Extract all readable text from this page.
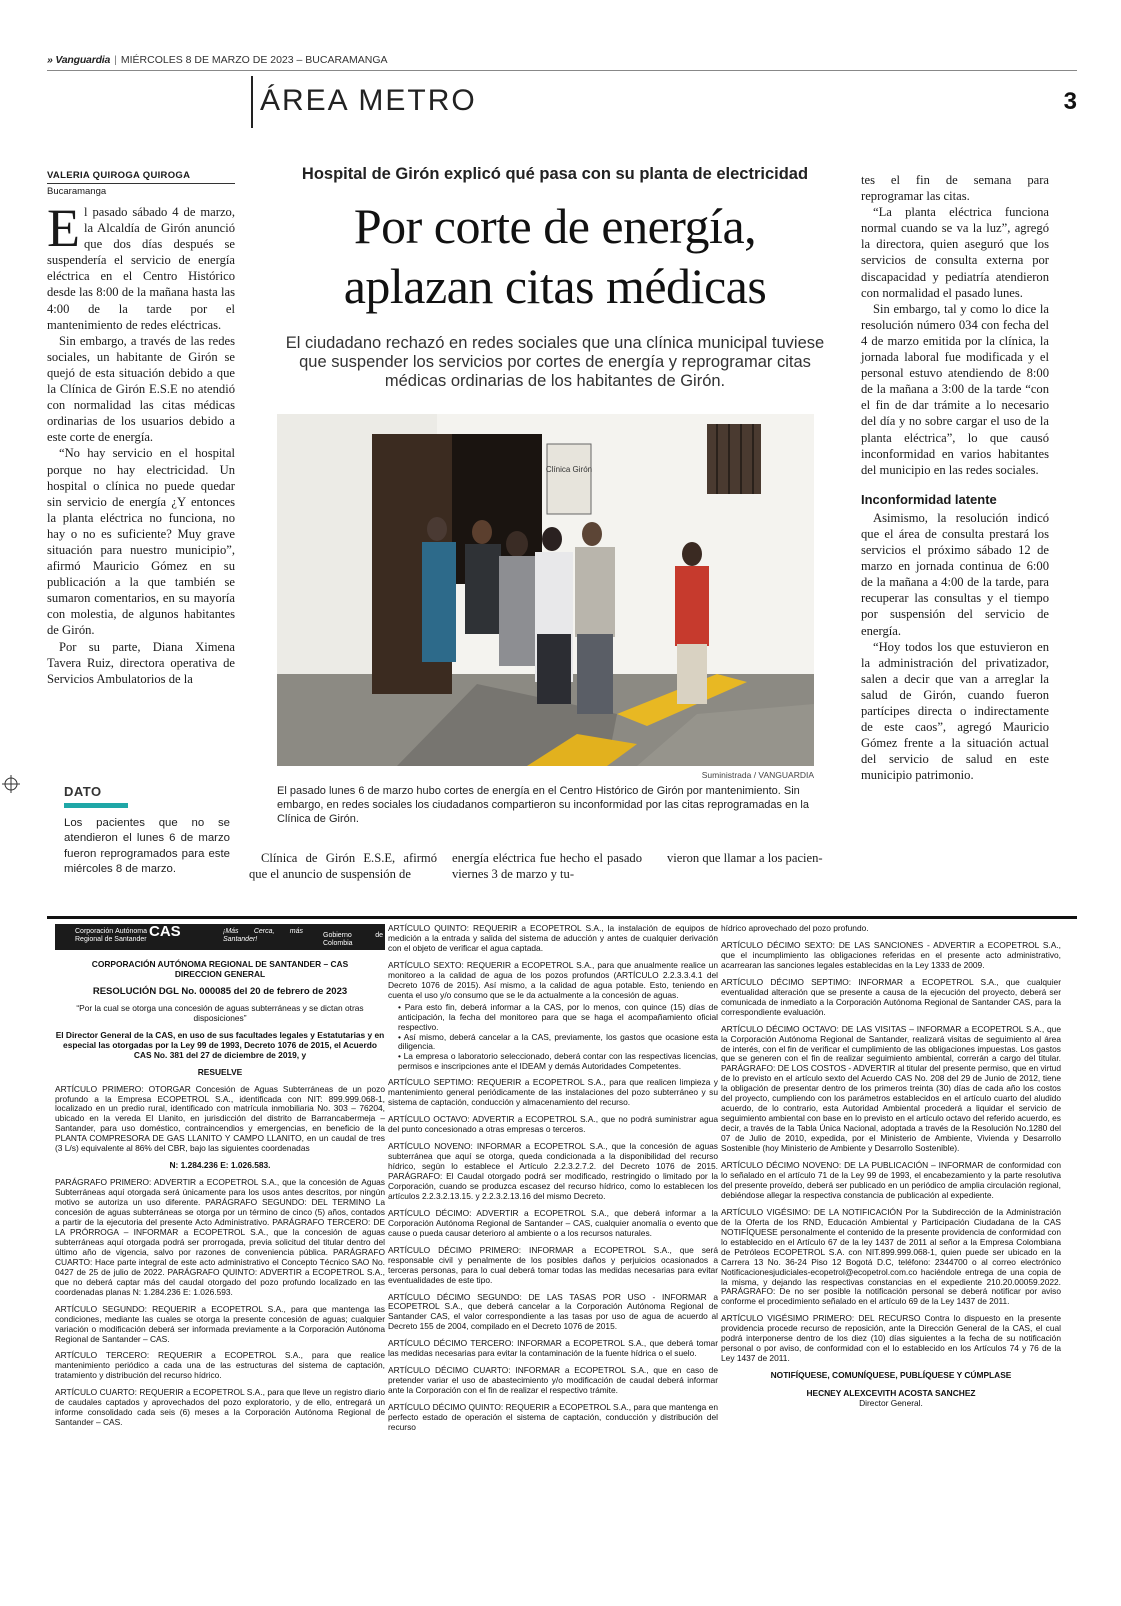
» Vanguardia | MIÉRCOLES 8 DE MARZO DE 2023 – BUCARAMANGA
ÁREA METRO	3
VALERIA QUIROGA QUIROGA
Bucaramanga

El pasado sábado 4 de marzo, la Alcaldía de Girón anunció que dos días después se suspendería el servicio de energía eléctrica en el Centro Histórico desde las 8:00 de la mañana hasta las 4:00 de la tarde por el mantenimiento de redes eléctricas.

Sin embargo, a través de las redes sociales, un habitante de Girón se quejó de esta situación debido a que la Clínica de Girón E.S.E no atendió con normalidad las citas médicas ordinarias de los usuarios debido a este corte de energía.

“No hay servicio en el hospital porque no hay electricidad. Un hospital o clínica no puede quedar sin servicio de energía ¿Y entonces la planta eléctrica no funciona, no hay o no es suficiente? Muy grave situación para nuestro municipio”, afirmó Mauricio Gómez en su publicación a la que también se sumaron comentarios, en su mayoría con molestia, de algunos habitantes de Girón.

Por su parte, Diana Ximena Tavera Ruiz, directora operativa de Servicios Ambulatorios de la

DATO
Los pacientes que no se atendieron el lunes 6 de marzo fueron reprogramados para este miércoles 8 de marzo.
Hospital de Girón explicó qué pasa con su planta de electricidad
Por corte de energía,
aplazan citas médicas
El ciudadano rechazó en redes sociales que una clínica municipal tuviese que suspender los servicios por cortes de energía y reprogramar citas médicas ordinarias de los habitantes de Girón.
Clínica Girón
Suministrada / VANGUARDIA
El pasado lunes 6 de marzo hubo cortes de energía en el Centro Histórico de Girón por mantenimiento. Sin embargo, en redes sociales los ciudadanos compartieron su inconformidad por las citas reprogramadas en la Clínica de Girón.

Clínica de Girón E.S.E, afirmó que el anuncio de suspensión de

energía eléctrica fue hecho el pasado viernes 3 de marzo y tu-

vieron que llamar a los pacien-

tes el fin de semana para reprogramar las citas.

“La planta eléctrica funciona normal cuando se va la luz”, agregó la directora, quien aseguró que los servicios de consulta externa por discapacidad y pediatría atendieron con normalidad el pasado lunes.

Sin embargo, tal y como lo dice la resolución número 034 con fecha del 4 de marzo emitida por la clínica, la jornada laboral fue modificada y el personal estuvo atendiendo de 8:00 de la mañana a 3:00 de la tarde “con el fin de dar trámite a lo necesario del día y no sobre cargar el uso de la planta eléctrica”, lo que causó inconformidad en varios habitantes del municipio en las redes sociales.

Inconformidad latente

Asimismo, la resolución indicó que el área de consulta prestará los servicios el próximo sábado 12 de marzo en jornada continua de 6:00 de la mañana a 4:00 de la tarde, para recuperar las consultas y el tiempo por suspensión del servicio de energía.

“Hoy todos los que estuvieron en la administración del privatizador, salen a decir que van a arreglar la salud de Girón, cuando fueron partícipes directa o indirectamente de este caos”, agregó Mauricio Gómez frente a la situación actual del servicio de salud en este municipio patrimonio.

Corporación Autónoma Regional de Santander CAS	¡Más Cerca, más Santander!
Gobierno de Colombia

CORPORACIÓN AUTÓNOMA REGIONAL DE SANTANDER – CAS

DIRECCION GENERAL

RESOLUCIÓN DGL No. 000085 del 20 de febrero de 2023

“Por la cual se otorga una concesión de aguas subterráneas y se dictan otras disposiciones”

El Director General de la CAS, en uso de sus facultades legales y Estatutarias y en especial las otorgadas por la Ley 99 de 1993, Decreto 1076 de 2015, el Acuerdo CAS No. 381 del 27 de diciembre de 2019, y

RESUELVE

ARTÍCULO PRIMERO: OTORGAR Concesión de Aguas Subterráneas de un pozo profundo a la Empresa ECOPETROL S.A., identificada con NIT: 899.999.068-1, localizado en un predio rural, identificado con matrícula inmobiliaria No. 303 – 76204, ubicado en la vereda El Llanito, en jurisdicción del distrito de Barrancabermeja – Santander, para uso doméstico, contraincendios y emergencias, en beneficio de la PLANTA COMPRESORA DE GAS LLANITO Y CAMPO LLANITO, en un caudal de tres (3 L/s) equivalente al 86% del CBR, bajo las siguientes coordenadas

N: 1.284.236 E: 1.026.583.

PARÁGRAFO PRIMERO: ADVERTIR a ECOPETROL S.A., que la concesión de Aguas Subterráneas aquí otorgada será únicamente para los usos antes descritos, por ningún motivo se autoriza un uso diferente. PARÁGRAFO SEGUNDO: DEL TERMINO La concesión de aguas subterráneas se otorga por un término de cinco (5) años, contados a partir de la ejecutoria del presente Acto Administrativo. PARÁGRAFO TERCERO: DE LA PRÓRROGA – INFORMAR a ECOPETROL S.A., que la concesión de aguas subterráneas aquí otorgada podrá ser prorrogada, previa solicitud del titular dentro del último año de vigencia, salvo por razones de conveniencia pública. PARÁGRAFO CUARTO: Hace parte integral de este acto administrativo el Concepto Técnico SAO No. 0427 de 25 de julio de 2022. PARÁGRAFO QUINTO: ADVERTIR a ECOPETROL S.A., que no deberá captar más del caudal otorgado del pozo profundo localizado en las coordenadas planas N: 1.284.236 E: 1.026.593.

ARTÍCULO SEGUNDO: REQUERIR a ECOPETROL S.A., para que mantenga las condiciones, mediante las cuales se otorga la presente concesión de aguas; cualquier variación o modificación deberá ser informada previamente a la Corporación Autónoma Regional de Santander – CAS.

ARTÍCULO TERCERO: REQUERIR a ECOPETROL S.A., para que realice mantenimiento periódico a cada una de las estructuras del sistema de captación, tratamiento y distribución del recurso hídrico.

ARTÍCULO CUARTO: REQUERIR a ECOPETROL S.A., para que lleve un registro diario de caudales captados y aprovechados del pozo exploratorio, y de ello, entregará un informe consolidado cada seis (6) meses a la Corporación Autónoma Regional de Santander – CAS.

ARTÍCULO QUINTO: REQUERIR a ECOPETROL S.A., la instalación de equipos de medición a la entrada y salida del sistema de aducción y antes de cualquier derivación con el objeto de verificar el agua captada.

ARTÍCULO SEXTO: REQUERIR a ECOPETROL S.A., para que anualmente realice un monitoreo a la calidad de agua de los pozos profundos (ARTÍCULO 2.2.3.3.4.1 del Decreto 1076 de 2015). Así mismo, a la calidad de agua potable. Esto, teniendo en cuenta el uso y/o consumo que se le da actualmente a la concesión de aguas.

• Para esto fin, deberá informar a la CAS, por lo menos, con quince (15) días de anticipación, la fecha del monitoreo para que se haga el acompañamiento oficial respectivo.
• Así mismo, deberá cancelar a la CAS, previamente, los gastos que ocasione esta diligencia.
• La empresa o laboratorio seleccionado, deberá contar con las respectivas licencias, permisos e inscripciones ante el IDEAM y demás Autoridades Competentes.

ARTÍCULO SEPTIMO: REQUERIR a ECOPETROL S.A., para que realicen limpieza y mantenimiento general periódicamente de las instalaciones del pozo subterráneo y su sistema de captación, conducción y almacenamiento del recurso.

ARTÍCULO OCTAVO: ADVERTIR a ECOPETROL S.A., que no podrá suministrar agua del punto concesionado a otras empresas o terceros.

ARTÍCULO NOVENO: INFORMAR a ECOPETROL S.A., que la concesión de aguas subterránea que aquí se otorga, queda condicionada a la disponibilidad del recurso hídrico, según lo establece el Artículo 2.2.3.2.7.2. del Decreto 1076 de 2015. PARÁGRAFO: El Caudal otorgado podrá ser modificado, restringido o limitado por la Corporación, cuando se produzca escasez del recurso hídrico, como lo establecen los artículos 2.2.3.2.13.15. y 2.2.3.2.13.16 del mismo Decreto.

ARTÍCULO DÉCIMO: ADVERTIR a ECOPETROL S.A., que deberá informar a la Corporación Autónoma Regional de Santander – CAS, cualquier anomalía o evento que cause o pueda causar deterioro al ambiente o a los recursos naturales.

ARTÍCULO DÉCIMO PRIMERO: INFORMAR a ECOPETROL S.A., que será responsable civil y penalmente de los posibles daños y perjuicios ocasionados a terceras personas, para lo cual deberá tomar todas las medidas necesarias para evitar eventualidades de este tipo.

ARTÍCULO DÉCIMO SEGUNDO: DE LAS TASAS POR USO - INFORMAR a ECOPETROL S.A., que deberá cancelar a la Corporación Autónoma Regional de Santander CAS, el valor correspondiente a las tasas por uso de agua de acuerdo al Decreto 155 de 2004, compilado en el Decreto 1076 de 2015.

ARTÍCULO DÉCIMO TERCERO: INFORMAR a ECOPETROL S.A., que deberá tomar las medidas necesarias para evitar la contaminación de la fuente hídrica o el suelo.

ARTÍCULO DÉCIMO CUARTO: INFORMAR a ECOPETROL S.A., que en caso de pretender variar el uso de abastecimiento y/o modificación de caudal deberá informar ante la Corporación con el fin de realizar el respectivo trámite.

ARTÍCULO DÉCIMO QUINTO: REQUERIR a ECOPETROL S.A., para que mantenga en perfecto estado de operación el sistema de captación, conducción y distribución del recurso

hídrico aprovechado del pozo profundo.

ARTÍCULO DÉCIMO SEXTO: DE LAS SANCIONES - ADVERTIR a ECOPETROL S.A., que el incumplimiento las obligaciones referidas en el presente acto administrativo, acarrearan las sanciones legales establecidas en la Ley 1333 de 2009.

ARTÍCULO DÉCIMO SEPTIMO: INFORMAR a ECOPETROL S.A., que cualquier eventualidad alteración que se presente a causa de la ejecución del proyecto, deberá ser comunicada de inmediato a la Corporación Autónoma Regional de Santander CAS, para la correspondiente evaluación.

ARTÍCULO DÉCIMO OCTAVO: DE LAS VISITAS – INFORMAR a ECOPETROL S.A., que la Corporación Autónoma Regional de Santander, realizará visitas de seguimiento al área de interés, con el fin de verificar el cumplimiento de las obligaciones impuestas. Los gastos que se generen con el fin de realizar seguimiento ambiental, correrán a cargo del titular. PARÁGRAFO: DE LOS COSTOS - ADVERTIR al titular del presente permiso, que en virtud de lo previsto en el artículo sexto del Acuerdo CAS No. 208 del 29 de Junio de 2012, tiene la obligación de presentar dentro de los primeros treinta (30) días de cada año los costos del proyecto, cumpliendo con los parámetros establecidos en el artículo cuarto del aludido acuerdo, de lo contrario, esta Autoridad Ambiental procederá a liquidar el servicio de seguimiento ambiental con base en lo previsto en el artículo octavo del referido acuerdo, es decir, a través de la Tabla Única Nacional, adoptada a través de la Resolución No.1280 del 07 de Julio de 2010, expedida, por el Ministerio de Ambiente, Vivienda y Desarrollo Sostenible (hoy Ministerio de Ambiente y Desarrollo Sostenible).

ARTÍCULO DÉCIMO NOVENO: DE LA PUBLICACIÓN – INFORMAR de conformidad con lo señalado en el artículo 71 de la Ley 99 de 1993, el encabezamiento y la parte resolutiva del presente proveído, deberá ser publicado en un periódico de amplia circulación regional, debiéndose allegar la respectiva constancia de publicación al expediente.

ARTÍCULO VIGÉSIMO: DE LA NOTIFICACIÓN Por la Subdirección de la Administración de la Oferta de los RND, Educación Ambiental y Participación Ciudadana de la CAS NOTIFÍQUESE personalmente el contenido de la presente providencia de conformidad con lo establecido en el Artículo 67 de la ley 1437 de 2011 al señor a la Empresa Colombiana de Petróleos ECOPETROL S.A. con NIT.899.999.068-1, quien puede ser ubicado en la Carrera 13 No. 36-24 Piso 12 Bogotá D.C, teléfono: 2344700 o al correo electrónico Notificacionesjudiciales-ecopetrol@ecopetrol.com.co haciéndole entrega de una copia de la misma, y dejando las respectivas constancias en el expediente 210.20.00059.2022. PARÁGRAFO: De no ser posible la notificación personal se deberá notificar por aviso conforme el procedimiento señalado en el artículo 69 de la Ley 1437 de 2011.

ARTÍCULO VIGÉSIMO PRIMERO: DEL RECURSO Contra lo dispuesto en la presente providencia procede recurso de reposición, ante la Dirección General de la CAS, el cual podrá interponerse dentro de los diez (10) días siguientes a la fecha de su notificación personal o por aviso, de conformidad con el lo establecido en los Artículos 74 y 76 de la Ley 1437 de 2011.

NOTIFÍQUESE, COMUNÍQUESE, PUBLÍQUESE Y CÚMPLASE

HECNEY ALEXCEVITH ACOSTA SANCHEZ

Director General.
